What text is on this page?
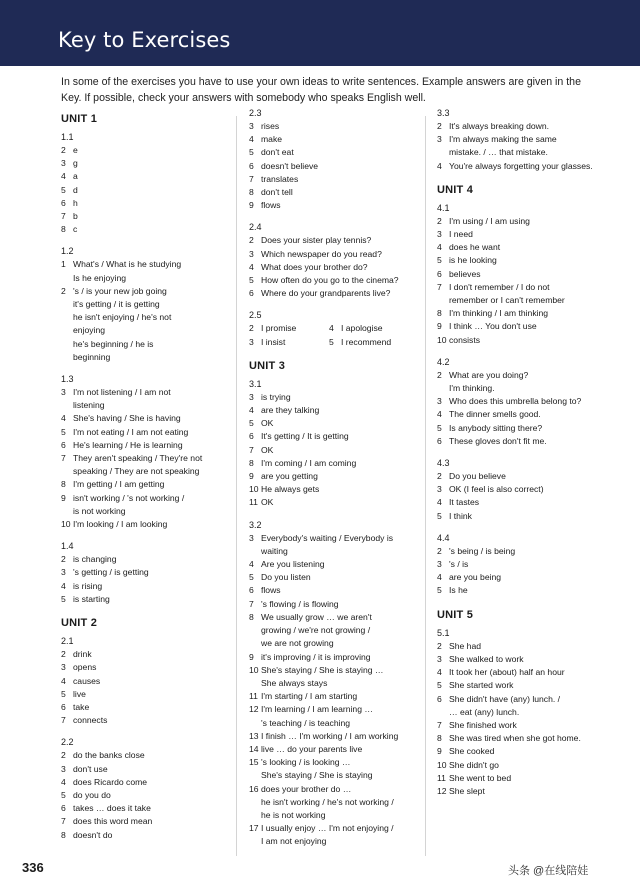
Key to Exercises
In some of the exercises you have to use your own ideas to write sentences. Example answers are given in the Key. If possible, check your answers with somebody who speaks English well.
UNIT 1
1.1
2 e
3 g
4 a
5 d
6 h
7 b
8 c
1.2
1 What's / What is he studying
Is he enjoying
2 's / is your new job going
it's getting / it is getting
he isn't enjoying / he's not
enjoying
he's beginning / he is
beginning
1.3
3 I'm not listening / I am not
listening
4 She's having / She is having
5 I'm not eating / I am not eating
6 He's learning / He is learning
7 They aren't speaking / They're not
speaking / They are not speaking
8 I'm getting / I am getting
9 isn't working / 's not working /
is not working
10 I'm looking / I am looking
1.4
2 is changing
3 's getting / is getting
4 is rising
5 is starting
UNIT 2
2.1
2 drink
3 opens
4 causes
5 live
6 take
7 connects
2.2
2 do the banks close
3 don't use
4 does Ricardo come
5 do you do
6 takes … does it take
7 does this word mean
8 doesn't do
2.3
3 rises
4 make
5 don't eat
6 doesn't believe
7 translates
8 don't tell
9 flows
2.4
2 Does your sister play tennis?
3 Which newspaper do you read?
4 What does your brother do?
5 How often do you go to the cinema?
6 Where do your grandparents live?
2.5
2 I promise	4 I apologise
3 I insist	5 I recommend
UNIT 3
3.1
3 is trying
4 are they talking
5 OK
6 It's getting / It is getting
7 OK
8 I'm coming / I am coming
9 are you getting
10 He always gets
11 OK
3.2
3 Everybody's waiting / Everybody is
waiting
4 Are you listening
5 Do you listen
6 flows
7 's flowing / is flowing
8 We usually grow … we aren't
growing / we're not growing /
we are not growing
9 it's improving / it is improving
10 She's staying / She is staying …
She always stays
11 I'm starting / I am starting
12 I'm learning / I am learning …
's teaching / is teaching
13 I finish … I'm working / I am working
14 live … do your parents live
15 's looking / is looking …
She's staying / She is staying
16 does your brother do …
he isn't working / he's not working /
he is not working
17 I usually enjoy … I'm not enjoying /
I am not enjoying
3.3
2 It's always breaking down.
3 I'm always making the same
mistake. / … that mistake.
4 You're always forgetting your glasses.
UNIT 4
4.1
2 I'm using / I am using
3 I need
4 does he want
5 is he looking
6 believes
7 I don't remember / I do not
remember or I can't remember
8 I'm thinking / I am thinking
9 I think … You don't use
10 consists
4.2
2 What are you doing?
I'm thinking.
3 Who does this umbrella belong to?
4 The dinner smells good.
5 Is anybody sitting there?
6 These gloves don't fit me.
4.3
2 Do you believe
3 OK (I feel is also correct)
4 It tastes
5 I think
4.4
2 's being / is being
3 's / is
4 are you being
5 Is he
UNIT 5
5.1
2 She had
3 She walked to work
4 It took her (about) half an hour
5 She started work
6 She didn't have (any) lunch. /
… eat (any) lunch.
7 She finished work
8 She was tired when she got home.
9 She cooked
10 She didn't go
11 She went to bed
12 She slept
336	头条 @在线陪娃
